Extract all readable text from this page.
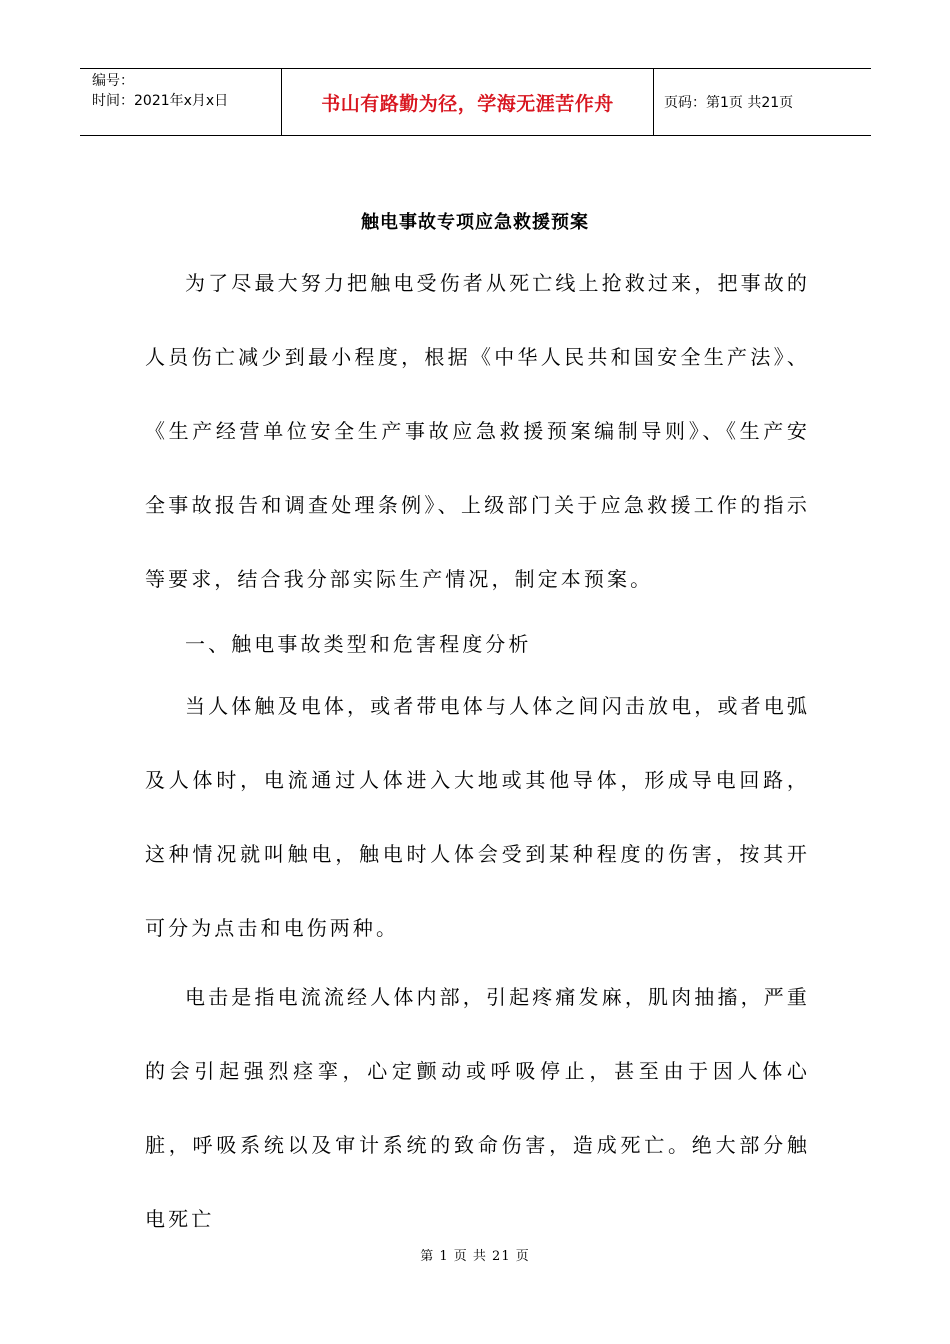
编号：
时间：2021年x月x日	书山有路勤为径，学海无涯苦作舟	页码：第1页 共21页
触电事故专项应急救援预案

为了尽最大努力把触电受伤者从死亡线上抢救过来，把事故的人员伤亡减少到最小程度，根据《中华人民共和国安全生产法》、《生产经营单位安全生产事故应急救援预案编制导则》、《生产安全事故报告和调查处理条例》、上级部门关于应急救援工作的指示等要求，结合我分部实际生产情况，制定本预案。

一、触电事故类型和危害程度分析

当人体触及电体，或者带电体与人体之间闪击放电，或者电弧及人体时，电流通过人体进入大地或其他导体，形成导电回路，这种情况就叫触电，触电时人体会受到某种程度的伤害，按其开可分为点击和电伤两种。

电击是指电流流经人体内部，引起疼痛发麻，肌肉抽搐，严重的会引起强烈痉挛，心定颤动或呼吸停止，甚至由于因人体心脏，呼吸系统以及审计系统的致命伤害，造成死亡。绝大部分触电死亡

第 1 页 共 21 页
